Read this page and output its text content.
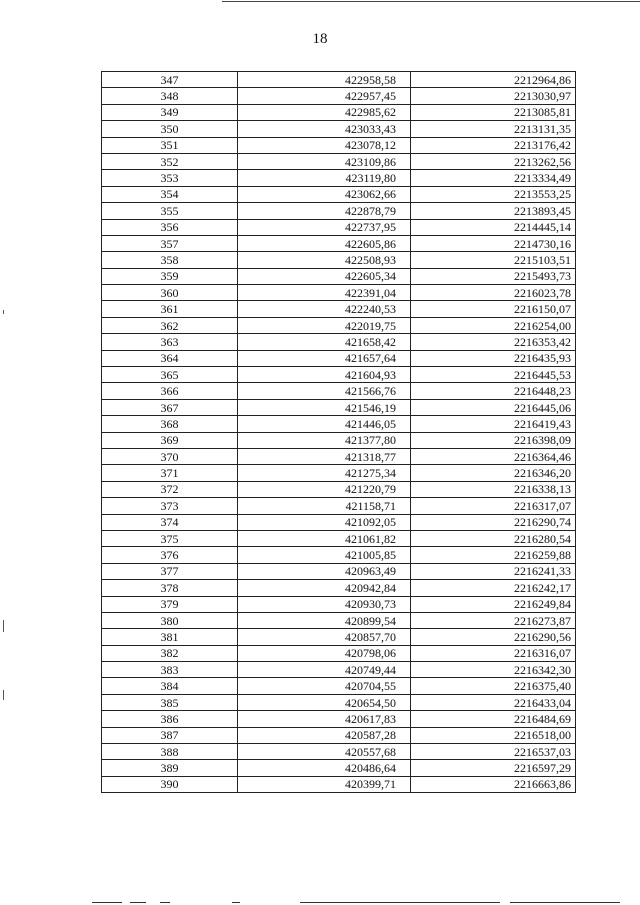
18
347	422958,58	2212964,86
348	422957,45	2213030,97
349	422985,62	2213085,81
350	423033,43	2213131,35
351	423078,12	2213176,42
352	423109,86	2213262,56
353	423119,80	2213334,49
354	423062,66	2213553,25
355	422878,79	2213893,45
356	422737,95	2214445,14
357	422605,86	2214730,16
358	422508,93	2215103,51
359	422605,34	2215493,73
360	422391,04	2216023,78
361	422240,53	2216150,07
362	422019,75	2216254,00
363	421658,42	2216353,42
364	421657,64	2216435,93
365	421604,93	2216445,53
366	421566,76	2216448,23
367	421546,19	2216445,06
368	421446,05	2216419,43
369	421377,80	2216398,09
370	421318,77	2216364,46
371	421275,34	2216346,20
372	421220,79	2216338,13
373	421158,71	2216317,07
374	421092,05	2216290,74
375	421061,82	2216280,54
376	421005,85	2216259,88
377	420963,49	2216241,33
378	420942,84	2216242,17
379	420930,73	2216249,84
380	420899,54	2216273,87
381	420857,70	2216290,56
382	420798,06	2216316,07
383	420749,44	2216342,30
384	420704,55	2216375,40
385	420654,50	2216433,04
386	420617,83	2216484,69
387	420587,28	2216518,00
388	420557,68	2216537,03
389	420486,64	2216597,29
390	420399,71	2216663,86
